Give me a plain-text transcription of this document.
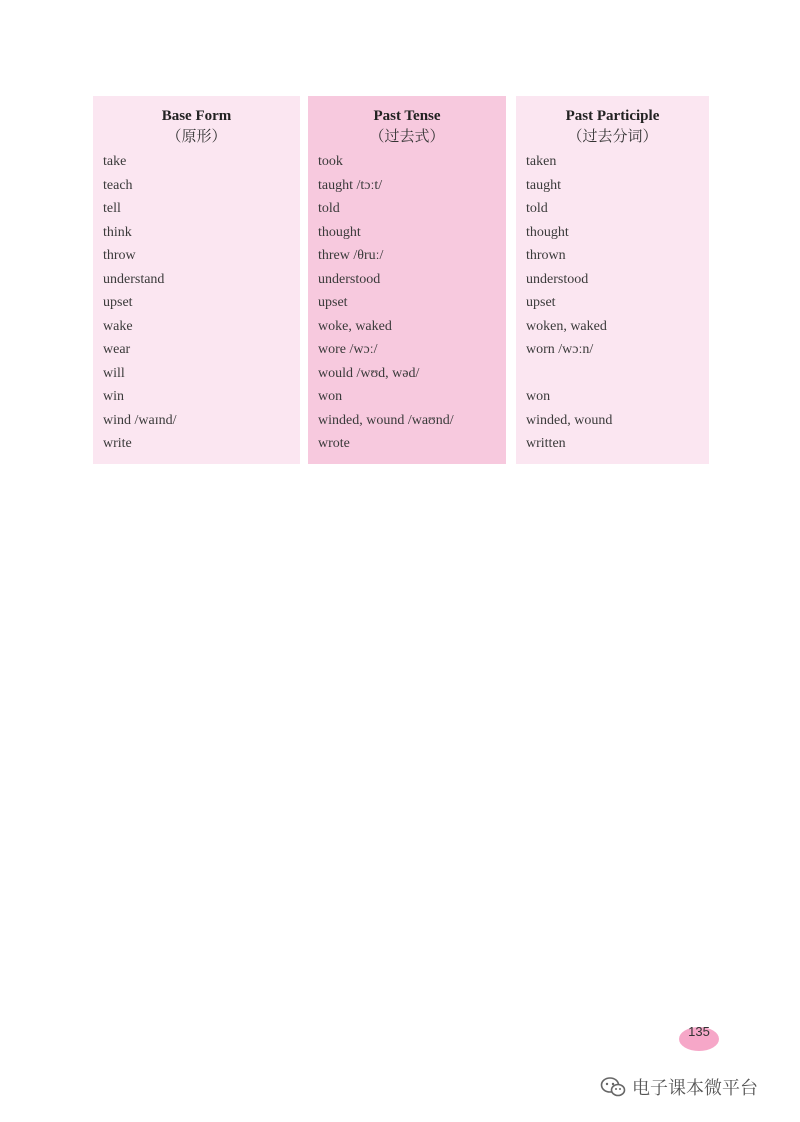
Base Form
（原形）
take
teach
tell
think
throw
understand
upset
wake
wear
will
win
wind /waɪnd/
write
Past Tense
（过去式）
took
taught /tɔːt/
told
thought
threw /θruː/
understood
upset
woke, waked
wore /wɔː/
would /wʊd, wəd/
won
winded, wound /waʊnd/
wrote
Past Participle
（过去分词）
taken
taught
told
thought
thrown
understood
upset
woken, waked
worn /wɔːn/
won
winded, wound
written
135
电子课本微平台
